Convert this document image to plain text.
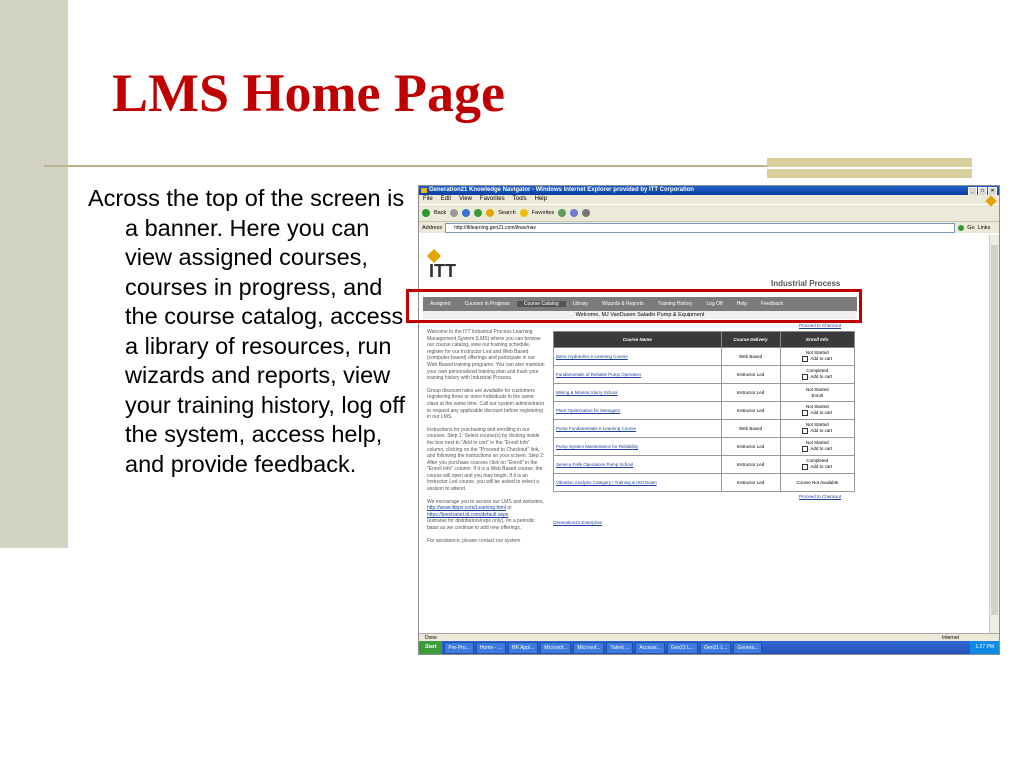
LMS Home Page
Across the top of the screen is a banner. Here you can view assigned courses, courses in progress, and the course catalog, access a library of resources, run wizards and reports, view your training history, log off the system, access help, and provide feedback.
Generation21 Knowledge Navigator - Windows Internet Explorer provided by ITT Corporation	_	□	×
File Edit View Favorites Tools Help
Back	Search	Favorites
Address	http://ittlearning.gen21.com/itnav/nav	Go Links
ITT
Industrial Process
Assigned	Courses in Progress	Course Catalog	Library	Wizards & Reports	Training History	Log Off	Help	Feedback
Welcome, MJ VanDusen Saladin Pump & Equipment

Welcome to the ITT Industrial Process Learning Management System (LMS) where you can browse our course catalog, view our training schedule, register for our Instructor Led and Web Based (computer-based) offerings and participate in our Web Based training programs. You can also maintain your own personalized training plan and track your training history with Industrial Process.

Group discount rates are available for customers registering three or more individuals in the same class at the same time. Call our system administrator to request any applicable discount before registering in our LMS.

Instructions for purchasing and enrolling in our courses. Step 1: Select course(s) by clicking inside the box next to "Add to cart" in the "Enroll Info" column, clicking on the "Proceed to Checkout" link, and following the instructions on your screen. Step 2: After you purchase courses click on "Enroll" in the "Enroll Info" column. If it is a Web Based course, the course will open and you may begin. If it is an Instructor Led course, you will be asked to select a session to attend.

We encourage you to access our LMS and websites,

http://www.ittpps.com/Learning.html or
https://ipextranet.itt.com/default.aspx

(extranet for distributors/reps only), on a periodic basis as we continue to add new offerings.

For assistance, please contact our system

Proceed to Checkout
Course Name	Course Delivery	Enroll Info
Basic Hydraulics e-Learning Course	Web Based	Not Started
Add to cart
Fundamentals of Reliable Pump Operation	Instructor Led	Completed
Add to cart
Mining & Mineral Slurry School	Instructor Led	Not Started
Enroll
Plant Optimization for Managers	Instructor Led	Not Started
Add to cart
Pump Fundamentals e-Learning Course	Web Based	Not Started
Add to cart
Pump System Maintenance for Reliability	Instructor Led	Not Started
Add to cart
Seneca Falls Operations Pump School	Instructor Led	Completed
Add to cart
Vibration Analysis Category I Training & ISO Exam	Instructor Led	Course Not Available
Proceed to Checkout
Generation21 Enterprise
Done	Internet
Start	Pre-Pro...	Home - ...	HR Appl...	Microsof...	Microsof...	Talent ...	Accessi...	Gen21 L...	Gen21 L...	Genera...	1:27 PM
